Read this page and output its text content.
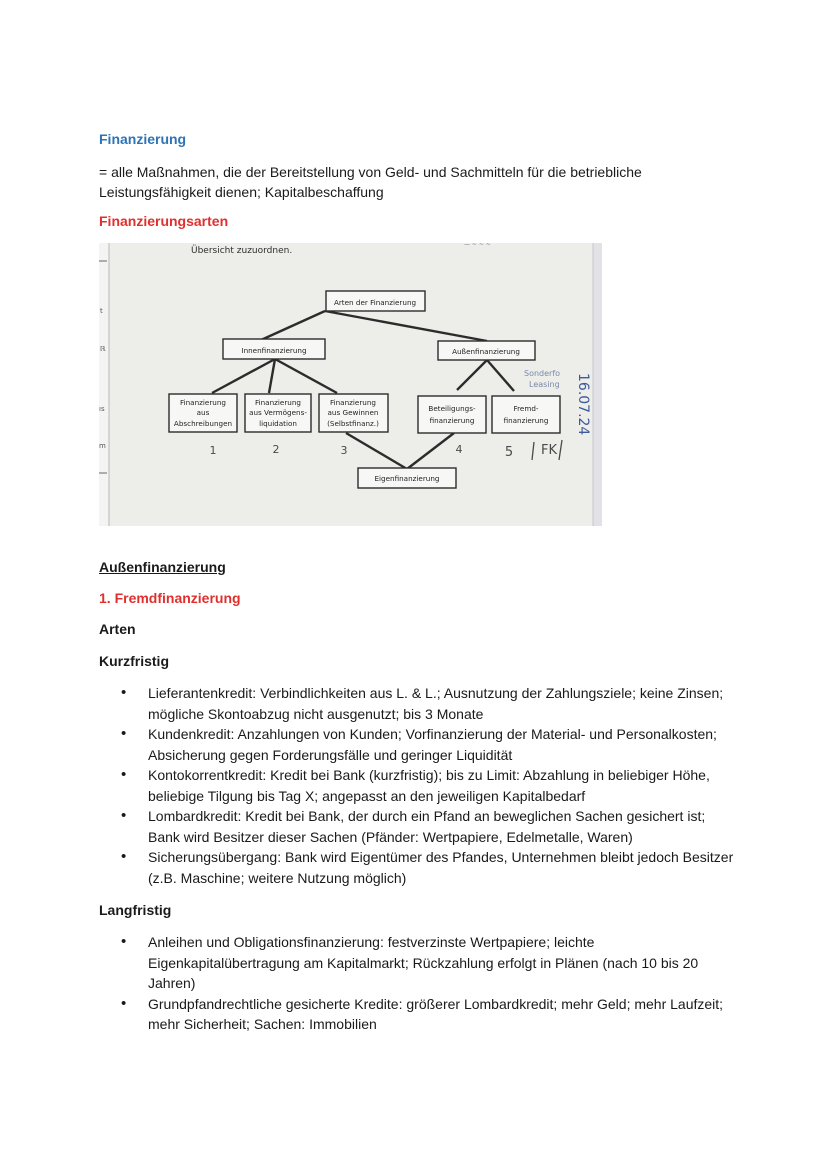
Finanzierung

= alle Maßnahmen, die der Bereitstellung von Geld- und Sachmitteln für die betriebliche Leistungsfähigkeit dienen; Kapitalbeschaffung

Finanzierungsarten
t
ℝ
ıs
m
Übersicht zuzuordnen.
— ~ ~ ~
Arten der Finanzierung
Innenfinanzierung	Außenfinanzierung
Finanzierung
aus
Abschreibungen
Finanzierung
aus Vermögens-
liquidation
Finanzierung
aus Gewinnen
(Selbstfinanz.)
Beteiligungs-
finanzierung
Fremd-
finanzierung
Eigenfinanzierung
1	2	3	4	5 FK
Sonderfo
Leasing 16.07.24
Außenfinanzierung
1. Fremdfinanzierung
Arten
Kurzfristig
• Lieferantenkredit: Verbindlichkeiten aus L. & L.; Ausnutzung der Zahlungsziele; keine Zinsen; mögliche Skontoabzug nicht ausgenutzt; bis 3 Monate
• Kundenkredit: Anzahlungen von Kunden; Vorfinanzierung der Material- und Personalkosten; Absicherung gegen Forderungsfälle und geringer Liquidität
• Kontokorrentkredit: Kredit bei Bank (kurzfristig); bis zu Limit: Abzahlung in beliebiger Höhe, beliebige Tilgung bis Tag X; angepasst an den jeweiligen Kapitalbedarf
• Lombardkredit: Kredit bei Bank, der durch ein Pfand an beweglichen Sachen gesichert ist; Bank wird Besitzer dieser Sachen (Pfänder: Wertpapiere, Edelmetalle, Waren)
• Sicherungsübergang: Bank wird Eigentümer des Pfandes, Unternehmen bleibt jedoch Besitzer (z.B. Maschine; weitere Nutzung möglich)
Langfristig
• Anleihen und Obligationsfinanzierung: festverzinste Wertpapiere; leichte Eigenkapitalübertragung am Kapitalmarkt; Rückzahlung erfolgt in Plänen (nach 10 bis 20 Jahren)
• Grundpfandrechtliche gesicherte Kredite: größerer Lombardkredit; mehr Geld; mehr Laufzeit; mehr Sicherheit; Sachen: Immobilien
